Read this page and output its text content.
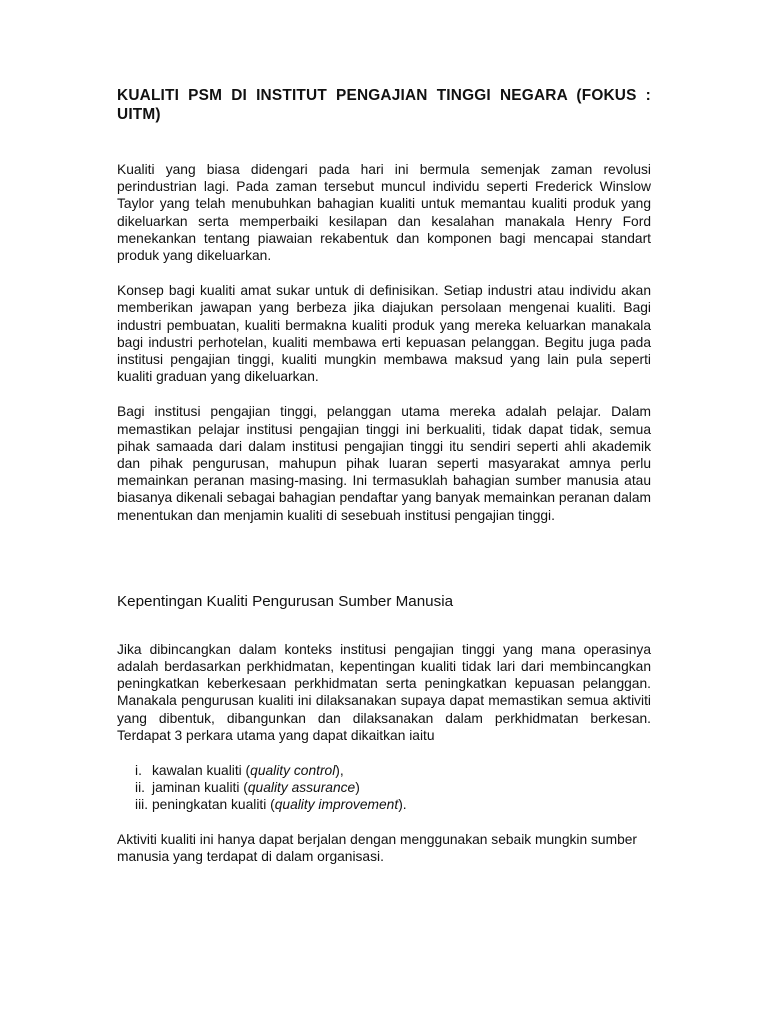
KUALITI PSM DI INSTITUT PENGAJIAN TINGGI NEGARA (FOKUS : UITM)

Kualiti yang biasa didengari pada hari ini bermula semenjak zaman revolusi perindustrian lagi. Pada zaman tersebut muncul individu seperti Frederick Winslow Taylor yang telah menubuhkan bahagian kualiti untuk memantau kualiti produk yang dikeluarkan serta memperbaiki kesilapan dan kesalahan manakala Henry Ford menekankan tentang piawaian rekabentuk dan komponen bagi mencapai standart produk yang dikeluarkan.

Konsep bagi kualiti amat sukar untuk di definisikan. Setiap industri atau individu akan memberikan jawapan yang berbeza jika diajukan persolaan mengenai kualiti. Bagi industri pembuatan, kualiti bermakna kualiti produk yang mereka keluarkan manakala bagi industri perhotelan, kualiti membawa erti kepuasan pelanggan. Begitu juga pada institusi pengajian tinggi, kualiti mungkin membawa maksud yang lain pula seperti kualiti graduan yang dikeluarkan.

Bagi institusi pengajian tinggi, pelanggan utama mereka adalah pelajar. Dalam memastikan pelajar institusi pengajian tinggi ini berkualiti, tidak dapat tidak, semua pihak samaada dari dalam institusi pengajian tinggi itu sendiri seperti ahli akademik dan pihak pengurusan, mahupun pihak luaran seperti masyarakat amnya perlu memainkan peranan masing-masing. Ini termasuklah bahagian sumber manusia atau biasanya dikenali sebagai bahagian pendaftar yang banyak memainkan peranan dalam menentukan dan menjamin kualiti di sesebuah institusi pengajian tinggi.

Kepentingan Kualiti Pengurusan Sumber Manusia

Jika dibincangkan dalam konteks institusi pengajian tinggi yang mana operasinya adalah berdasarkan perkhidmatan, kepentingan kualiti tidak lari dari membincangkan peningkatkan keberkesaan perkhidmatan serta peningkatkan kepuasan pelanggan. Manakala pengurusan kualiti ini dilaksanakan supaya dapat memastikan semua aktiviti yang dibentuk, dibangunkan dan dilaksanakan dalam perkhidmatan berkesan. Terdapat 3 perkara utama yang dapat dikaitkan iaitu

i. kawalan kualiti (quality control),
ii. jaminan kualiti (quality assurance)
iii. peningkatan kualiti (quality improvement).

Aktiviti kualiti ini hanya dapat berjalan dengan menggunakan sebaik mungkin sumber manusia yang terdapat di dalam organisasi.
